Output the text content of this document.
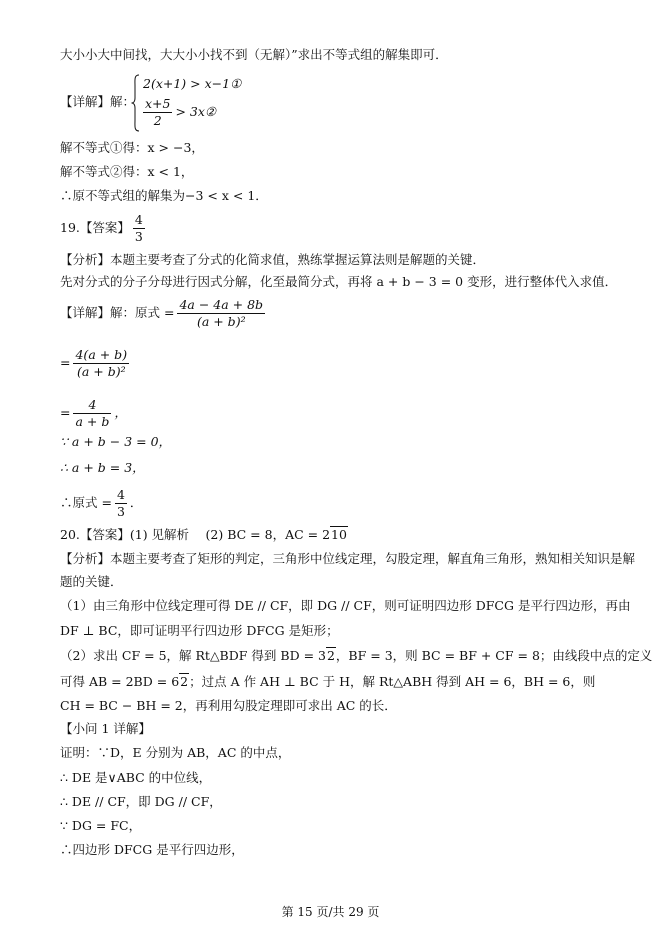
大小小大中间找，大大小小找不到（无解）”求出不等式组的解集即可．
【详解】解：
2(x+1) > x−1①
$\frac{x+5}{2}$ > 3x②
解不等式①得：x > −3，
解不等式②得：x < 1，
∴原不等式组的解集为−3 < x < 1．
19.【答案】 $\frac{4}{3}$
【分析】本题主要考查了分式的化简求值，熟练掌握运算法则是解题的关键．
先对分式的分子分母进行因式分解，化至最简分式，再将 a + b − 3 = 0 变形，进行整体代入求值．
【详解】解：原式 = $\frac{4a - 4a + 8b}{\text{(a + b)²}}$
= $\frac{4(a + b)}{\text{(a + b)²}}$
= $\frac{4}{a + b}$ ，
∵ a + b − 3 = 0，
∴ a + b = 3，
∴原式 = $\frac{4}{3}$ ．
20.【答案】(1) 见解析　 (2) BC = 8，AC = 210
【分析】本题主要考查了矩形的判定，三角形中位线定理，勾股定理，解直角三角形，熟知相关知识是解
题的关键．
（1）由三角形中位线定理可得 DE // CF，即 DG // CF，则可证明四边形 DFCG 是平行四边形，再由
DF ⊥ BC，即可证明平行四边形 DFCG 是矩形；
（2）求出 CF = 5，解 Rt△BDF 得到 BD = 32，BF = 3，则 BC = BF + CF = 8；由线段中点的定义
可得 AB = 2BD = 62；过点 A 作 AH ⊥ BC 于 H，解 Rt△ABH 得到 AH = 6，BH = 6，则
CH = BC − BH = 2，再利用勾股定理即可求出 AC 的长．
【小问 1 详解】
证明：∵D，E 分别为 AB，AC 的中点，
∴ DE 是∨ABC 的中位线，
∴ DE // CF，即 DG // CF，
∵ DG = FC，
∴四边形 DFCG 是平行四边形，
第 15 页/共 29 页
